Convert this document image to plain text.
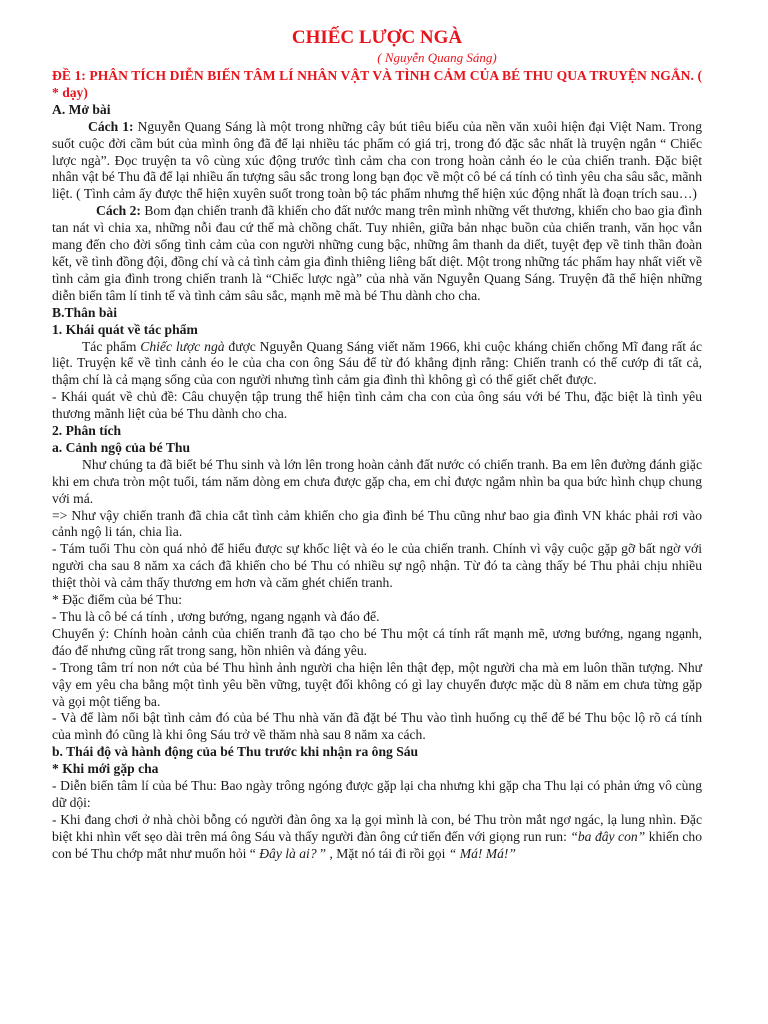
CHIẾC LƯỢC NGÀ

( Nguyễn Quang Sáng)

ĐỀ 1: PHÂN TÍCH DIỄN BIẾN TÂM LÍ NHÂN VẬT VÀ TÌNH CẢM CỦA BÉ THU QUA TRUYỆN NGẮN. ( * dạy)

A. Mở bài

Cách 1: Nguyễn Quang Sáng là một trong những cây bút tiêu biểu của nền văn xuôi hiện đại Việt Nam. Trong suốt cuộc đời cầm bút của mình ông đã để lại nhiều tác phẩm có giá trị, trong đó đặc sắc nhất là truyện ngắn “ Chiếc lược ngà”. Đọc truyện ta vô cùng xúc động trước tình cảm cha con trong hoàn cảnh éo le của chiến tranh. Đặc biệt nhân vật bé Thu đã để lại nhiều ấn tượng sâu sắc trong long bạn đọc về một cô bé cá tính có tình yêu cha sâu sắc, mãnh liệt. ( Tình cảm ấy được thể hiện xuyên suốt trong toàn bộ tác phẩm nhưng thể hiện xúc động nhất là đoạn trích sau…)

Cách 2: Bom đạn chiến tranh đã khiến cho đất nước mang trên mình những vết thương, khiến cho bao gia đình tan nát vì chia xa, những nỗi đau cứ thế mà chồng chất. Tuy nhiên, giữa bản nhạc buồn của chiến tranh, văn học vẫn mang đến cho đời sống tình cảm của con người những cung bậc, những âm thanh da diết, tuyệt đẹp về tinh thần đoàn kết, về tình đồng đội, đồng chí và cả tình cảm gia đình thiêng liêng bất diệt. Một trong những tác phẩm hay nhất viết về tình cảm gia đình trong chiến tranh là “Chiếc lược ngà” của nhà văn Nguyễn Quang Sáng. Truyện đã thể hiện những diễn biến tâm lí tinh tế và tình cảm sâu sắc, mạnh mẽ mà bé Thu dành cho cha.

B.Thân bài

1. Khái quát về tác phẩm

Tác phẩm Chiếc lược ngà được Nguyễn Quang Sáng viết năm 1966, khi cuộc kháng chiến chống Mĩ đang rất ác liệt. Truyện kể về tình cảnh éo le của cha con ông Sáu để từ đó khẳng định rằng: Chiến tranh có thể cướp đi tất cả, thậm chí là cả mạng sống của con người nhưng tình cảm gia đình thì không gì có thể giết chết được.

- Khái quát về chủ đề: Câu chuyện tập trung thể hiện tình cảm cha con của ông sáu với bé Thu, đặc biệt là tình yêu thương mãnh liệt của bé Thu dành cho cha.

2. Phân tích

a. Cảnh ngộ của bé Thu

Như chúng ta đã biết bé Thu sinh và lớn lên trong hoàn cảnh đất nước có chiến tranh. Ba em lên đường đánh giặc khi em chưa tròn một tuổi, tám năm dòng em chưa được gặp cha, em chỉ được ngắm nhìn ba qua bức hình chụp chung với má.

=> Như vậy chiến tranh đã chia cắt tình cảm khiến cho gia đình bé Thu cũng như bao gia đình VN khác phải rơi vào cảnh ngộ li tán, chia lìa.

- Tám tuổi Thu còn quá nhỏ để hiểu được sự khốc liệt và éo le của chiến tranh. Chính vì vậy cuộc gặp gỡ bất ngờ với người cha sau 8 năm xa cách đã khiến cho bé Thu có nhiều sự ngộ nhận. Từ đó ta càng thấy bé Thu phải chịu nhiều thiệt thòi và cảm thấy thương em hơn và căm ghét chiến tranh.

* Đặc điểm của bé Thu:

- Thu là cô bé cá tính , ương bướng, ngang ngạnh và đáo để.

Chuyển ý: Chính hoàn cảnh của chiến tranh đã tạo cho bé Thu một cá tính rất mạnh mẽ, ương bướng, ngang ngạnh, đáo để nhưng cũng rất trong sang, hồn nhiên và đáng yêu.

- Trong tâm trí non nớt của bé Thu hình ảnh người cha hiện lên thật đẹp, một người cha mà em luôn thần tượng. Như vậy em yêu cha bằng một tình yêu bền vững, tuyệt đối không có gì lay chuyển được mặc dù 8 năm em chưa từng gặp và gọi một tiếng ba.

- Và để làm nổi bật tình cảm đó của bé Thu nhà văn đã đặt bé Thu vào tình huống cụ thể để bé Thu bộc lộ rõ cá tính của mình đó cũng là khi ông Sáu trở về thăm nhà sau 8 năm xa cách.

b. Thái độ và hành động của bé Thu trước khi nhận ra ông Sáu

* Khi mới gặp cha

- Diễn biến tâm lí của bé Thu: Bao ngày trông ngóng được gặp lại cha nhưng khi gặp cha Thu lại có phản ứng vô cùng dữ dội:

- Khi đang chơi ở nhà chòi bỗng có người đàn ông xa lạ gọi mình là con, bé Thu tròn mắt ngơ ngác, lạ lung nhìn. Đặc biệt khi nhìn vết sẹo dài trên má ông Sáu và thấy người đàn ông cứ tiến đến với giọng run run: “ba đây con” khiến cho con bé Thu chớp mắt như muốn hỏi “ Đây là ai? ” , Mặt nó tái đi rồi gọi “ Má! Má!”
